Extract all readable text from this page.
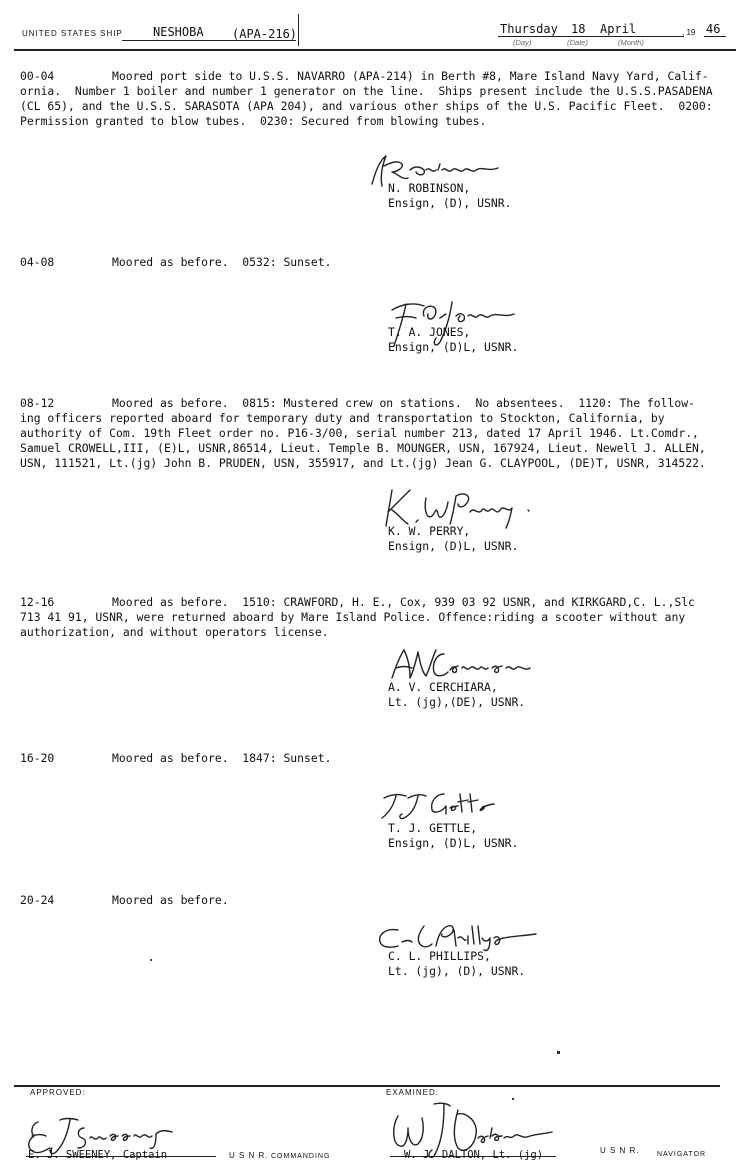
UNITED STATES SHIP	NESHOBA (APA-216)	Thursday 18 April
(Day)	(Date)	(Month)
, 19 46
00-04	Moored port side to U.S.S. NAVARRO (APA-214) in Berth #8, Mare Island Navy Yard, Calif-
ornia.  Number 1 boiler and number 1 generator on the line.  Ships present include the U.S.S.PASADENA
(CL 65), and the U.S.S. SARASOTA (APA 204), and various other ships of the U.S. Pacific Fleet.  0200:
Permission granted to blow tubes.  0230: Secured from blowing tubes.
N. ROBINSON,
Ensign, (D), USNR.
04-08	Moored as before.  0532: Sunset.
T. A. JONES,
Ensign, (D)L, USNR.
08-12	Moored as before.  0815: Mustered crew on stations.  No absentees.  1120: The follow-
ing officers reported aboard for temporary duty and transportation to Stockton, California, by
authority of Com. 19th Fleet order no. P16-3/00, serial number 213, dated 17 April 1946. Lt.Comdr.,
Samuel CROWELL,III, (E)L, USNR,86514, Lieut. Temple B. MOUNGER, USN, 167924, Lieut. Newell J. ALLEN,
USN, 111521, Lt.(jg) John B. PRUDEN, USN, 355917, and Lt.(jg) Jean G. CLAYPOOL, (DE)T, USNR, 314522.
K. W. PERRY,
Ensign, (D)L, USNR.
12-16	Moored as before.  1510: CRAWFORD, H. E., Cox, 939 03 92 USNR, and KIRKGARD,C. L.,Slc
713 41 91, USNR, were returned aboard by Mare Island Police. Offence:riding a scooter without any
authorization, and without operators license.
A. V. CERCHIARA,
Lt. (jg),(DE), USNR.
16-20	Moored as before.  1847: Sunset.
T. J. GETTLE,
Ensign, (D)L, USNR.
20-24	Moored as before.
C. L. PHILLIPS,
Lt. (jg), (D), USNR.
APPROVED:
E. J. SWEENEY, Captain	U S N R. COMMANDING
EXAMINED:
W. J. DALTON, Lt. (jg)	U S N R. NAVIGATOR
